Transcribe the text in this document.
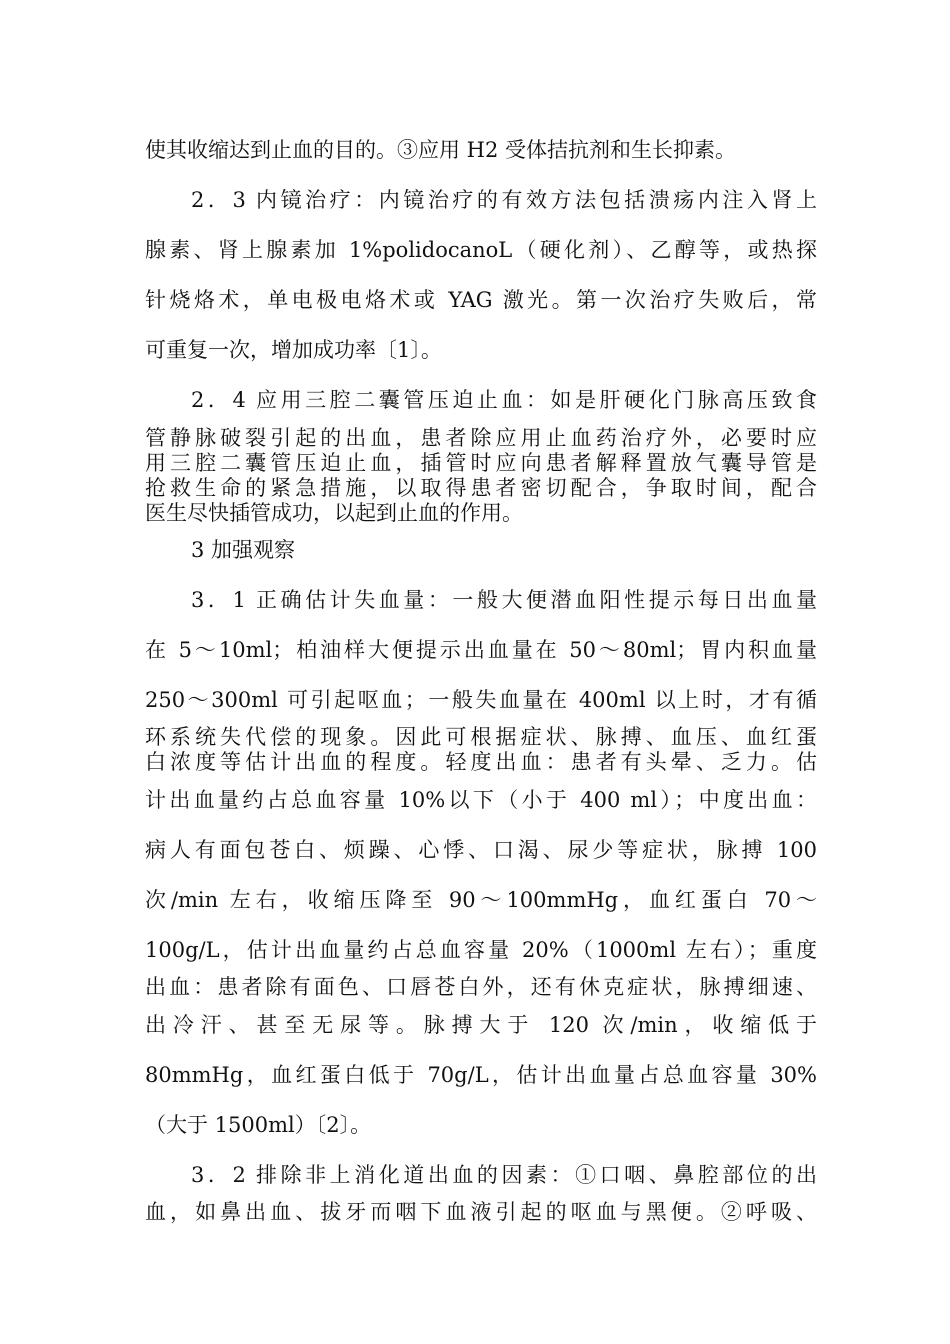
使其收缩达到止血的目的。③应用 H2 受体拮抗剂和生长抑素。
2．3 内镜治疗：内镜治疗的有效方法包括溃疡内注入肾上
腺素、肾上腺素加 1%polidocanoL（硬化剂）、乙醇等，或热探
针烧烙术，单电极电烙术或 YAG 激光。第一次治疗失败后，常
可重复一次，增加成功率〔1〕。
2．4 应用三腔二囊管压迫止血：如是肝硬化门脉高压致食
管静脉破裂引起的出血，患者除应用止血药治疗外，必要时应
用三腔二囊管压迫止血，插管时应向患者解释置放气囊导管是
抢救生命的紧急措施，以取得患者密切配合，争取时间，配合
医生尽快插管成功，以起到止血的作用。
3 加强观察
3．1 正确估计失血量：一般大便潜血阳性提示每日出血量
在 5～10ml；柏油样大便提示出血量在 50～80ml；胃内积血量
250～300ml 可引起呕血；一般失血量在 400ml 以上时，才有循
环系统失代偿的现象。因此可根据症状、脉搏、血压、血红蛋
白浓度等估计出血的程度。轻度出血：患者有头晕、乏力。估
计出血量约占总血容量 10%以下（小于 400 ml）；中度出血：
病人有面包苍白、烦躁、心悸、口渴、尿少等症状，脉搏 100
次/min 左右，收缩压降至 90～100mmHg，血红蛋白 70～
100g/L，估计出血量约占总血容量 20%（1000ml 左右）；重度
出血：患者除有面色、口唇苍白外，还有休克症状，脉搏细速、
出冷汗、甚至无尿等。脉搏大于 120 次/min，收缩低于
80mmHg，血红蛋白低于 70g/L，估计出血量占总血容量 30%
（大于 1500ml）〔2〕。
3．2 排除非上消化道出血的因素：①口咽、鼻腔部位的出
血，如鼻出血、拔牙而咽下血液引起的呕血与黑便。②呼吸、
